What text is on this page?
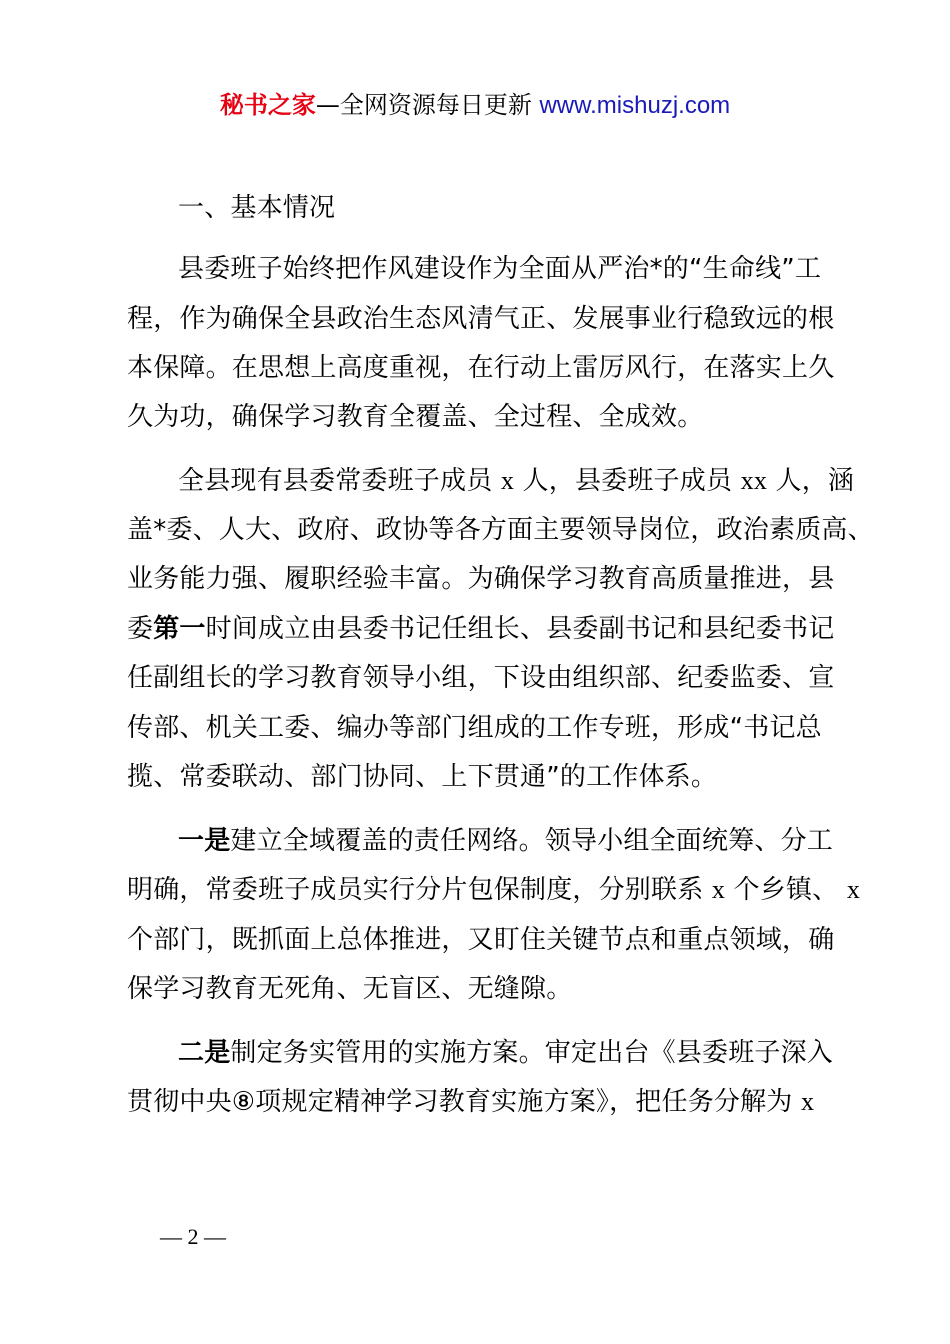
秘书之家—全网资源每日更新 www.mishuzj.com
一、基本情况
县委班子始终把作风建设作为全面从严治*的“生命线”工
程，作为确保全县政治生态风清气正、发展事业行稳致远的根
本保障。在思想上高度重视，在行动上雷厉风行，在落实上久
久为功，确保学习教育全覆盖、全过程、全成效。
全县现有县委常委班子成员 x 人，县委班子成员 xx 人，涵
盖*委、人大、政府、政协等各方面主要领导岗位，政治素质高、
业务能力强、履职经验丰富。为确保学习教育高质量推进，县
委第一时间成立由县委书记任组长、县委副书记和县纪委书记
任副组长的学习教育领导小组，下设由组织部、纪委监委、宣
传部、机关工委、编办等部门组成的工作专班，形成“书记总
揽、常委联动、部门协同、上下贯通”的工作体系。
一是建立全域覆盖的责任网络。领导小组全面统筹、分工
明确，常委班子成员实行分片包保制度，分别联系 x 个乡镇、 x
个部门，既抓面上总体推进，又盯住关键节点和重点领域，确
保学习教育无死角、无盲区、无缝隙。
二是制定务实管用的实施方案。审定出台《县委班子深入
贯彻中央⑧项规定精神学习教育实施方案》，把任务分解为 x
— 2 —
